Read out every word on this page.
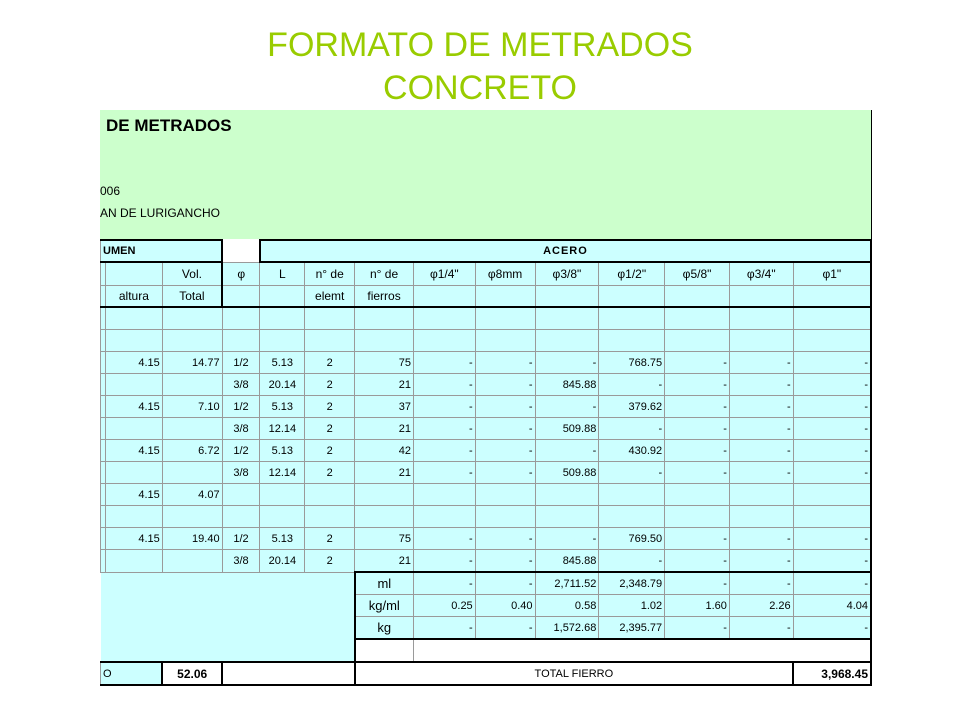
FORMATO DE METRADOS
CONCRETO
DE METRADOS
006
AN DE LURIGANCHO
UMEN				ACERO									
		Vol.	φ	L	n° de	n° de	φ1/4"	φ8mm	φ3/8"	φ1/2"	φ5/8"	φ3/4"	φ1"
	altura	Total			elemt	fierros							

	4.15	14.77	1/2	5.13	2	75	-	-	-	768.75	-	-	-
			3/8	20.14	2	21	-	-	845.88	-	-	-	-
	4.15	7.10	1/2	5.13	2	37	-	-	-	379.62	-	-	-
			3/8	12.14	2	21	-	-	509.88	-	-	-	-
	4.15	6.72	1/2	5.13	2	42	-	-	-	430.92	-	-	-
			3/8	12.14	2	21	-	-	509.88	-	-	-	-
	4.15	4.07											

	4.15	19.40	1/2	5.13	2	75	-	-	-	769.50	-	-	-
			3/8	20.14	2	21	-	-	845.88	-	-	-	-
						ml	-	-	2,711.52	2,348.79	-	-	-
						kg/ml	0.25	0.40	0.58	1.02	1.60	2.26	4.04
						kg	-	-	1,572.68	2,395.77	-	-	-

O		52.06				TOTAL FIERRO							3,968.45
